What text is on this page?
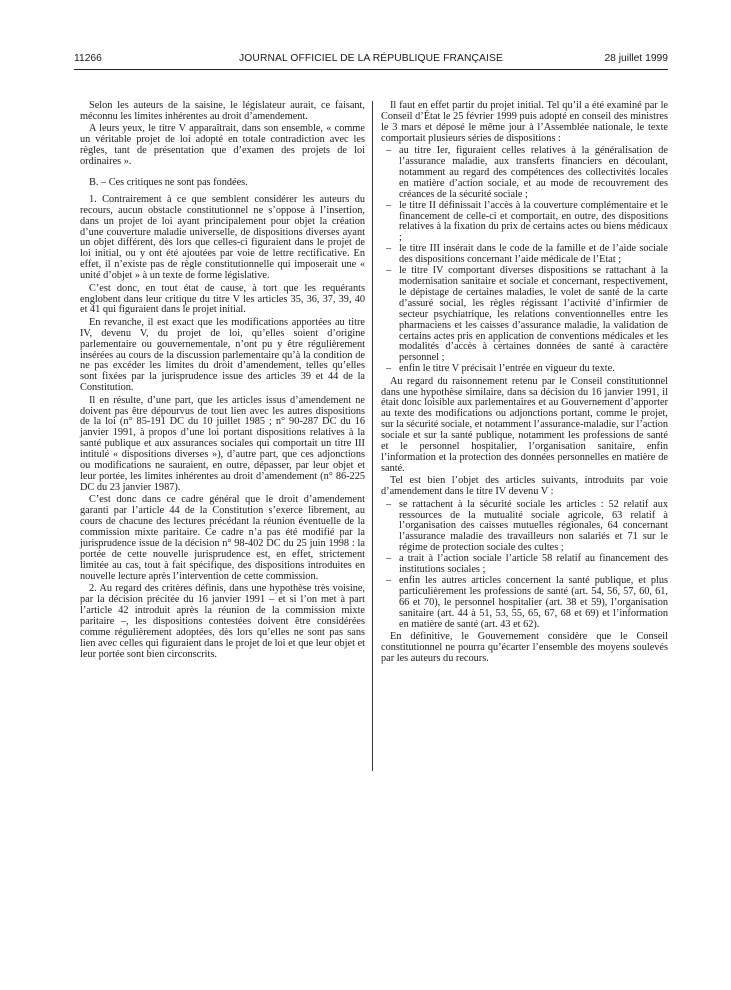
11266	JOURNAL OFFICIEL DE LA RÉPUBLIQUE FRANÇAISE	28 juillet 1999

Selon les auteurs de la saisine, le législateur aurait, ce faisant, méconnu les limites inhérentes au droit d’amendement.

A leurs yeux, le titre V apparaîtrait, dans son ensemble, « comme un véritable projet de loi adopté en totale contradiction avec les règles, tant de présentation que d’examen des projets de loi ordinaires ».

B. – Ces critiques ne sont pas fondées.

1. Contrairement à ce que semblent considérer les auteurs du recours, aucun obstacle constitutionnel ne s’oppose à l’insertion, dans un projet de loi ayant principalement pour objet la création d’une couverture maladie universelle, de dispositions diverses ayant un objet différent, dès lors que celles-ci figuraient dans le projet de loi initial, ou y ont été ajoutées par voie de lettre rectificative. En effet, il n’existe pas de règle constitutionnelle qui imposerait une « unité d’objet » à un texte de forme législative.

C’est donc, en tout état de cause, à tort que les requérants englobent dans leur critique du titre V les articles 35, 36, 37, 39, 40 et 41 qui figuraient dans le projet initial.

En revanche, il est exact que les modifications apportées au titre IV, devenu V, du projet de loi, qu’elles soient d’origine parlementaire ou gouvernementale, n’ont pu y être régulièrement insérées au cours de la discussion parlementaire qu’à la condition de ne pas excéder les limites du droit d’amendement, telles qu’elles sont fixées par la jurisprudence issue des articles 39 et 44 de la Constitution.

Il en résulte, d’une part, que les articles issus d’amendement ne doivent pas être dépourvus de tout lien avec les autres dispositions de la loi (n° 85-191 DC du 10 juillet 1985 ; n° 90-287 DC du 16 janvier 1991, à propos d’une loi portant dispositions relatives à la santé publique et aux assurances sociales qui comportait un titre III intitulé « dispositions diverses »), d’autre part, que ces adjonctions ou modifications ne sauraient, en outre, dépasser, par leur objet et leur portée, les limites inhérentes au droit d’amendement (n° 86-225 DC du 23 janvier 1987).

C’est donc dans ce cadre général que le droit d’amendement garanti par l’article 44 de la Constitution s’exerce librement, au cours de chacune des lectures précédant la réunion éventuelle de la commission mixte paritaire. Ce cadre n’a pas été modifié par la jurisprudence issue de la décision n° 98-402 DC du 25 juin 1998 : la portée de cette nouvelle jurisprudence est, en effet, strictement limitée au cas, tout à fait spécifique, des dispositions introduites en nouvelle lecture après l’intervention de cette commission.

2. Au regard des critères définis, dans une hypothèse très voisine, par la décision précitée du 16 janvier 1991 – et si l’on met à part l’article 42 introduit après la réunion de la commission mixte paritaire –, les dispositions contestées doivent être considérées comme régulièrement adoptées, dès lors qu’elles ne sont pas sans lien avec celles qui figuraient dans le projet de loi et que leur objet et leur portée sont bien circonscrits.

Il faut en effet partir du projet initial. Tel qu’il a été examiné par le Conseil d’État le 25 février 1999 puis adopté en conseil des ministres le 3 mars et déposé le même jour à l’Assemblée nationale, le texte comportait plusieurs séries de dispositions :

– au titre Ier, figuraient celles relatives à la généralisation de l’assurance maladie, aux transferts financiers en découlant, notamment au regard des compétences des collectivités locales en matière d’action sociale, et au mode de recouvrement des créances de la sécurité sociale ;
– le titre II définissait l’accès à la couverture complémentaire et le financement de celle-ci et comportait, en outre, des dispositions relatives à la fixation du prix de certains actes ou biens médicaux ;
– le titre III insérait dans le code de la famille et de l’aide sociale des dispositions concernant l’aide médicale de l’Etat ;
– le titre IV comportant diverses dispositions se rattachant à la modernisation sanitaire et sociale et concernant, respectivement, le dépistage de certaines maladies, le volet de santé de la carte d’assuré social, les règles régissant l’activité d’infirmier de secteur psychiatrique, les relations conventionnelles entre les pharmaciens et les caisses d’assurance maladie, la validation de certains actes pris en application de conventions médicales et les modalités d’accès à certaines données de santé à caractère personnel ;
– enfin le titre V précisait l’entrée en vigueur du texte.

Au regard du raisonnement retenu par le Conseil constitutionnel dans une hypothèse similaire, dans sa décision du 16 janvier 1991, il était donc loisible aux parlementaires et au Gouvernement d’apporter au texte des modifications ou adjonctions portant, comme le projet, sur la sécurité sociale, et notamment l’assurance-maladie, sur l’action sociale et sur la santé publique, notamment les professions de santé et le personnel hospitalier, l’organisation sanitaire, enfin l’information et la protection des données personnelles en matière de santé.

Tel est bien l’objet des articles suivants, introduits par voie d’amendement dans le titre IV devenu V :

– se rattachent à la sécurité sociale les articles : 52 relatif aux ressources de la mutualité sociale agricole, 63 relatif à l’organisation des caisses mutuelles régionales, 64 concernant l’assurance maladie des travailleurs non salariés et 71 sur le régime de protection sociale des cultes ;
– a trait à l’action sociale l’article 58 relatif au financement des institutions sociales ;
– enfin les autres articles concernent la santé publique, et plus particulièrement les professions de santé (art. 54, 56, 57, 60, 61, 66 et 70), le personnel hospitalier (art. 38 et 59), l’organisation sanitaire (art. 44 à 51, 53, 55, 65, 67, 68 et 69) et l’information en matière de santé (art. 43 et 62).

En définitive, le Gouvernement considère que le Conseil constitutionnel ne pourra qu’écarter l’ensemble des moyens soulevés par les auteurs du recours.
